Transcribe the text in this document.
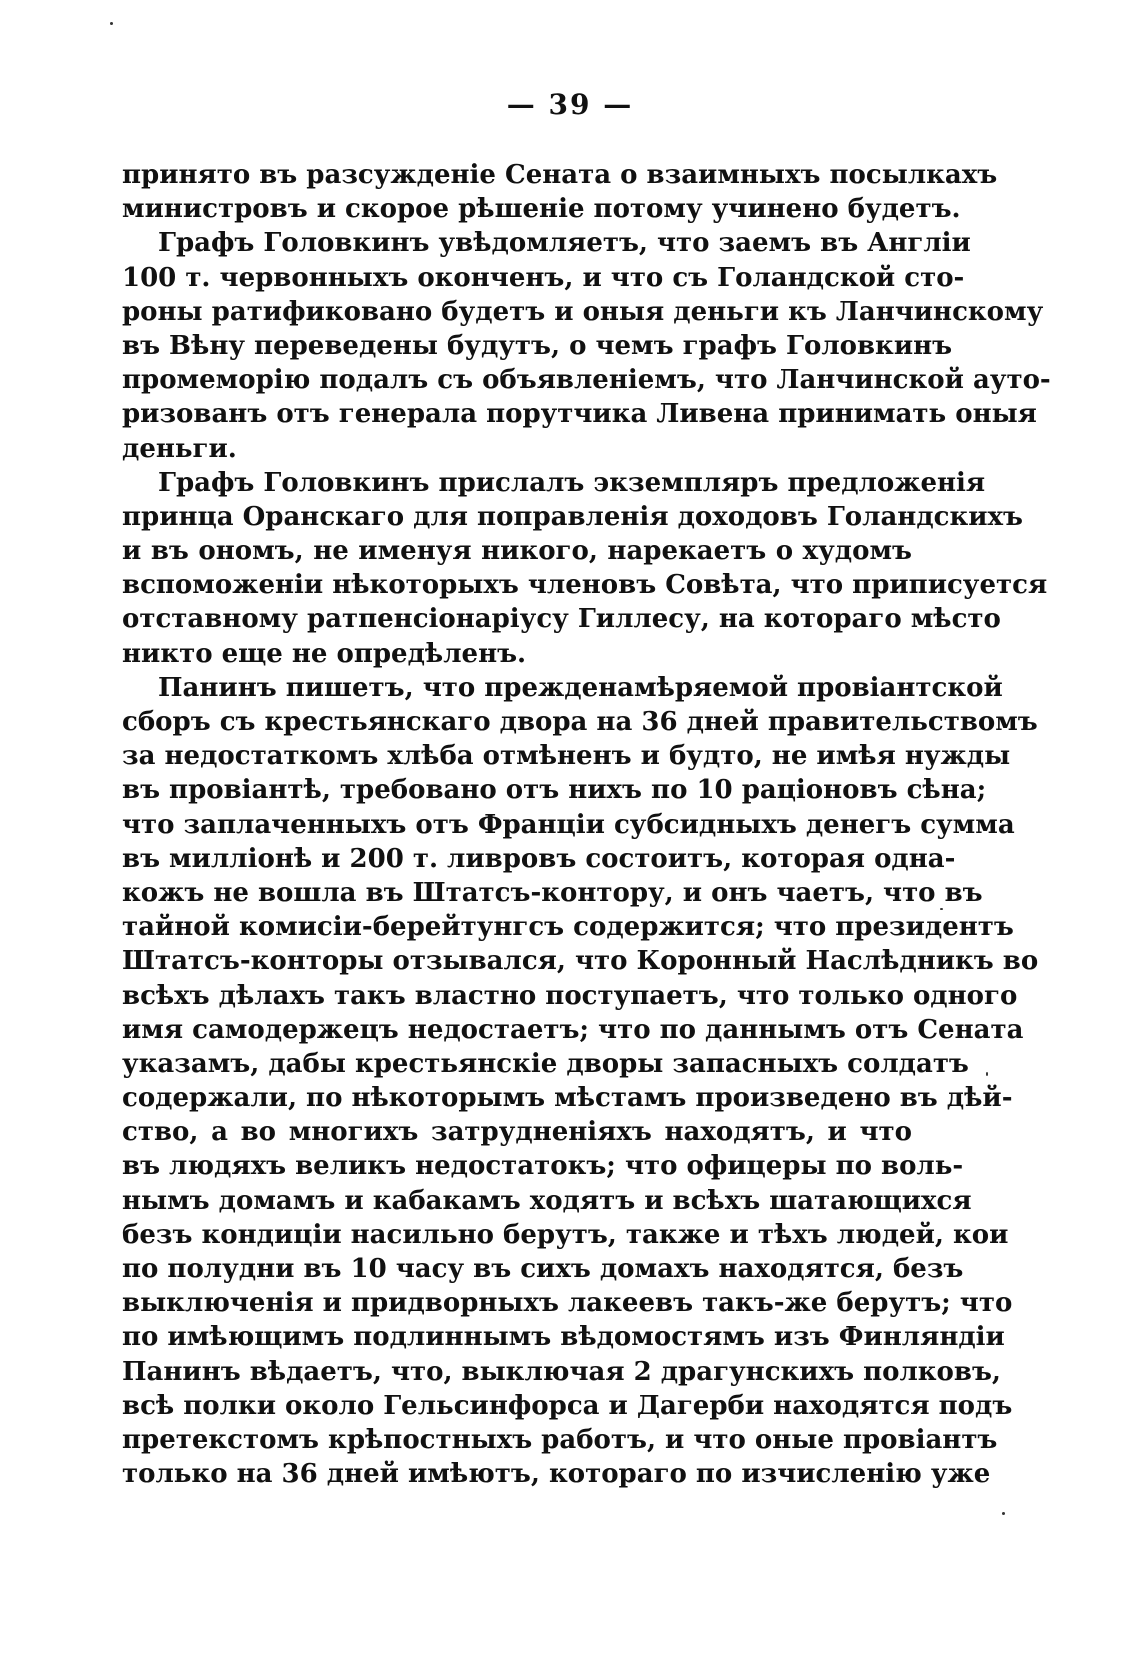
— 39 —
принято въ разсужденіе Сената о взаимныхъ посылкахъ
министровъ и скорое рѣшеніе потому учинено будетъ.
Графъ Головкинъ увѣдомляетъ, что заемъ въ Англіи
100 т. червонныхъ оконченъ, и что съ Голандской сто-
роны ратификовано будетъ и оныя деньги къ Ланчинскому
въ Вѣну переведены будутъ, о чемъ графъ Головкинъ
промеморію подалъ съ объявленіемъ, что Ланчинской ауто-
ризованъ отъ генерала порутчика Ливена принимать оныя
деньги.
Графъ Головкинъ прислалъ экземпляръ предложенія
принца Оранскаго для поправленія доходовъ Голандскихъ
и въ ономъ, не именуя никого, нарекаетъ о худомъ
вспоможеніи нѣкоторыхъ членовъ Совѣта, что приписуется
отставному ратпенсіонаріусу Гиллесу, на котораго мѣсто
никто еще не опредѣленъ.
Панинъ пишетъ, что прежденамѣряемой провіантской
сборъ съ крестьянскаго двора на 36 дней правительствомъ
за недостаткомъ хлѣба отмѣненъ и будто, не имѣя нужды
въ провіантѣ, требовано отъ нихъ по 10 раціоновъ сѣна;
что заплаченныхъ отъ Франціи субсидныхъ денегъ сумма
въ милліонѣ и 200 т. ливровъ состоитъ, которая одна-
кожъ не вошла въ Штатсъ-контору, и онъ чаетъ, что въ
тайной комисіи-берейтунгсъ содержится; что президентъ
Штатсъ-конторы отзывался, что Коронный Наслѣдникъ во
всѣхъ дѣлахъ такъ властно поступаетъ, что только одного
имя самодержецъ недостаетъ; что по даннымъ отъ Сената
указамъ, дабы крестьянскіе дворы запасныхъ солдатъ
содержали, по нѣкоторымъ мѣстамъ произведено въ дѣй-
ство, а во многихъ затрудненіяхъ находятъ, и что
въ людяхъ великъ недостатокъ; что офицеры по воль-
нымъ домамъ и кабакамъ ходятъ и всѣхъ шатающихся
безъ кондиціи насильно берутъ, также и тѣхъ людей, кои
по полудни въ 10 часу въ сихъ домахъ находятся, безъ
выключенія и придворныхъ лакеевъ такъ-же берутъ; что
по имѣющимъ подлиннымъ вѣдомостямъ изъ Финляндіи
Панинъ вѣдаетъ, что, выключая 2 драгунскихъ полковъ,
всѣ полки около Гельсинфорса и Дагерби находятся подъ
претекстомъ крѣпостныхъ работъ, и что оные провіантъ
только на 36 дней имѣютъ, котораго по изчисленію уже
